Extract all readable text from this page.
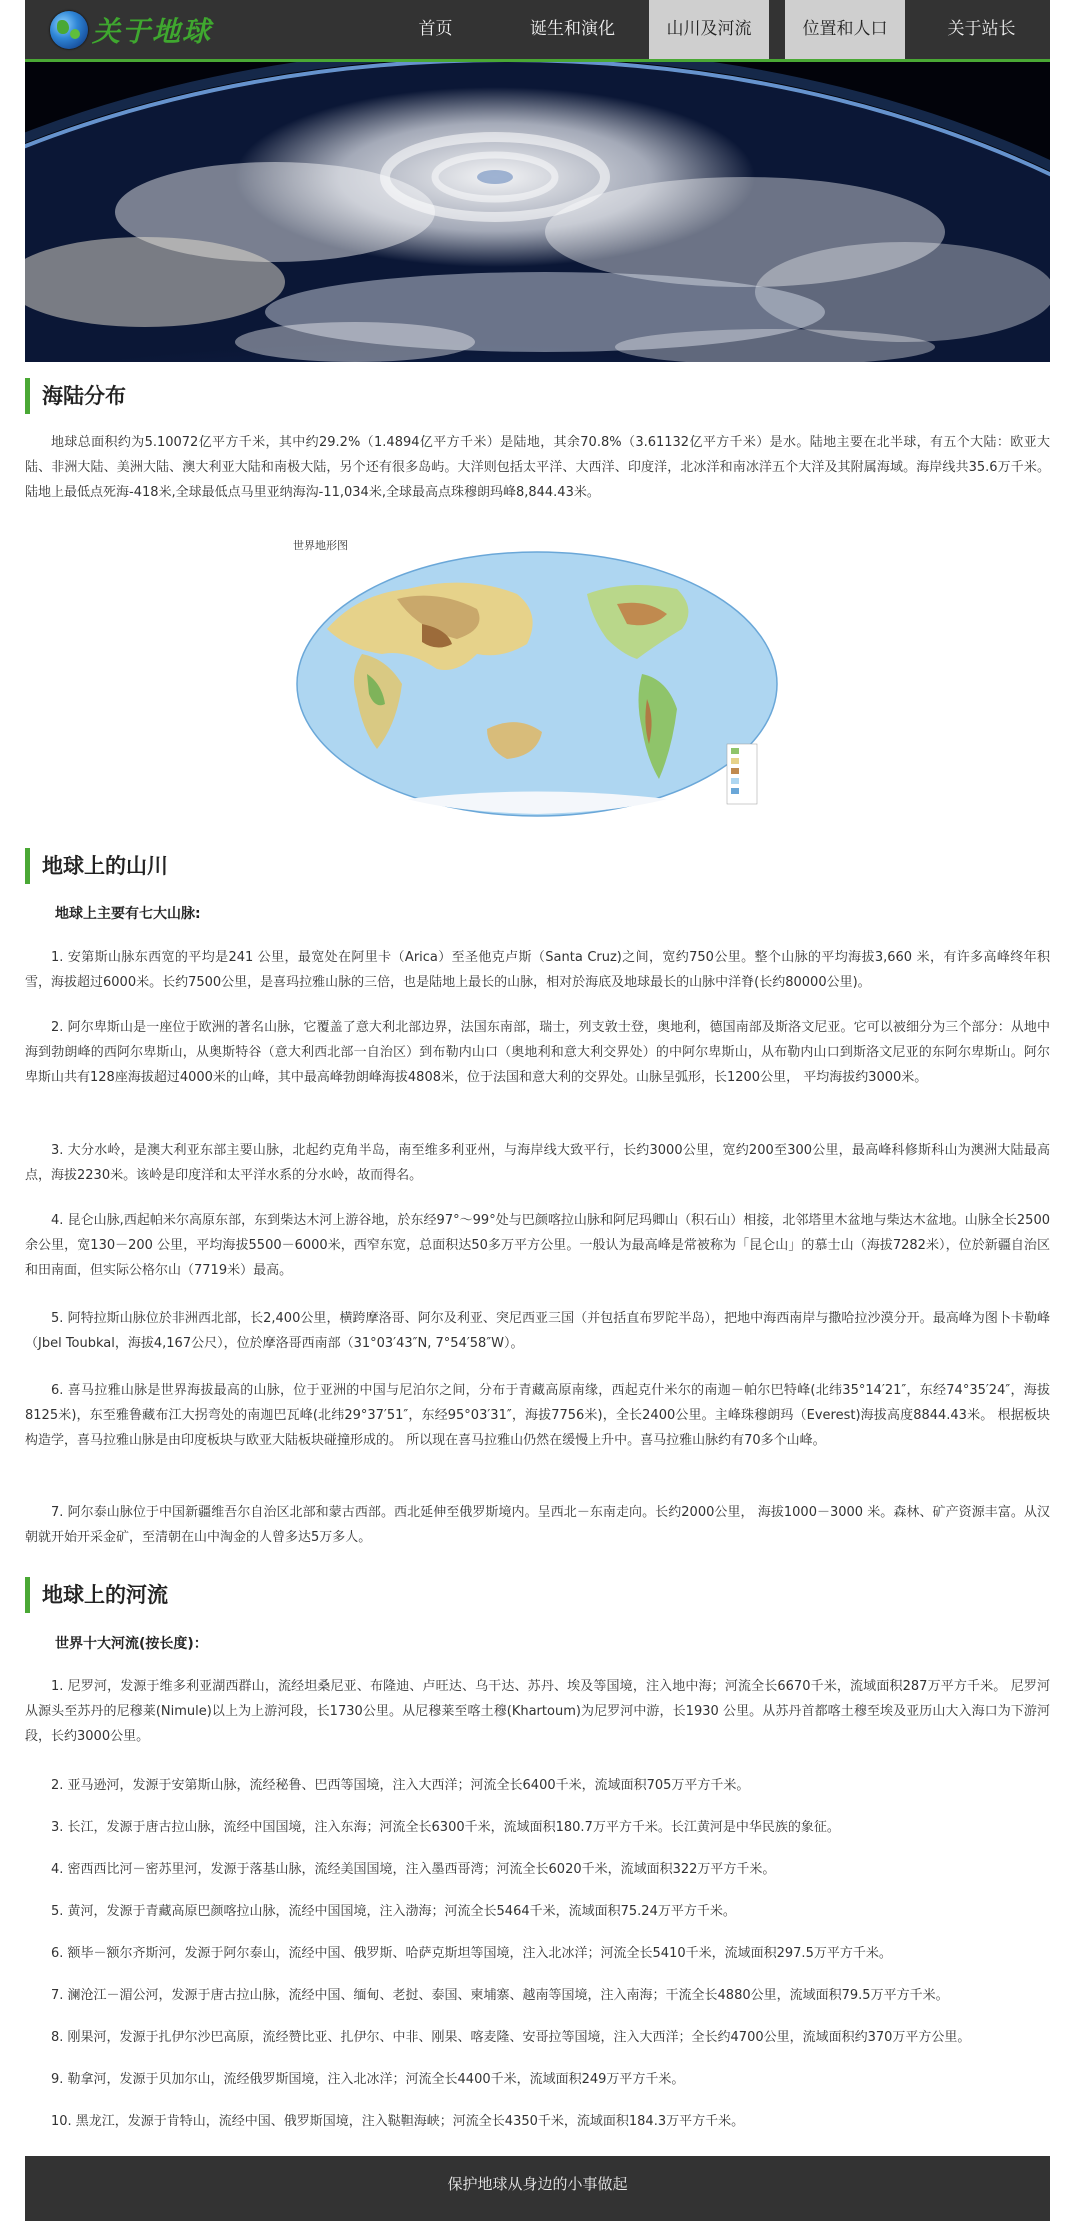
关于地球	首页	诞生和演化	山川及河流	位置和人口	关于站长
海陆分布

地球总面积约为5.10072亿平方千米，其中约29.2%（1.4894亿平方千米）是陆地，其余70.8%（3.61132亿平方千米）是水。陆地主要在北半球，有五个大陆：欧亚大陆、非洲大陆、美洲大陆、澳大利亚大陆和南极大陆，另个还有很多岛屿。大洋则包括太平洋、大西洋、印度洋，北冰洋和南冰洋五个大洋及其附属海域。海岸线共35.6万千米。陆地上最低点死海-418米,全球最低点马里亚纳海沟-11,034米,全球最高点珠穆朗玛峰8,844.43米。

世界地形图
地球上的山川
地球上主要有七大山脉:

1. 安第斯山脉东西宽的平均是241 公里，最宽处在阿里卡（Arica）至圣他克卢斯（Santa Cruz)之间，宽约750公里。整个山脉的平均海拔3,660 米，有许多高峰终年积雪，海拔超过6000米。长约7500公里，是喜玛拉雅山脉的三倍，也是陆地上最长的山脉，相对於海底及地球最长的山脉中洋脊(长约80000公里)。

2. 阿尔卑斯山是一座位于欧洲的著名山脉，它覆盖了意大利北部边界，法国东南部，瑞士，列支敦士登，奥地利，德国南部及斯洛文尼亚。它可以被细分为三个部分：从地中海到勃朗峰的西阿尔卑斯山，从奥斯特谷（意大利西北部一自治区）到布勒内山口（奥地利和意大利交界处）的中阿尔卑斯山，从布勒内山口到斯洛文尼亚的东阿尔卑斯山。阿尔卑斯山共有128座海拔超过4000米的山峰，其中最高峰勃朗峰海拔4808米，位于法国和意大利的交界处。山脉呈弧形，长1200公里， 平均海拔约3000米。

3. 大分水岭，是澳大利亚东部主要山脉，北起约克角半岛，南至维多利亚州，与海岸线大致平行，长约3000公里，宽约200至300公里，最高峰科修斯科山为澳洲大陆最高点，海拔2230米。该岭是印度洋和太平洋水系的分水岭，故而得名。

4. 昆仑山脉,西起帕米尔高原东部，东到柴达木河上游谷地，於东经97°～99°处与巴颜喀拉山脉和阿尼玛卿山（积石山）相接，北邻塔里木盆地与柴达木盆地。山脉全长2500余公里，宽130－200 公里，平均海拔5500－6000米，西窄东宽，总面积达50多万平方公里。一般认为最高峰是常被称为「昆仑山」的慕士山（海拔7282米），位於新疆自治区和田南面，但实际公格尔山（7719米）最高。

5. 阿特拉斯山脉位於非洲西北部，长2,400公里，横跨摩洛哥、阿尔及利亚、突尼西亚三国（并包括直布罗陀半岛），把地中海西南岸与撒哈拉沙漠分开。最高峰为图卜卡勒峰（Jbel Toubkal，海拔4,167公尺），位於摩洛哥西南部（31°03′43″N, 7°54′58″W）。

6. 喜马拉雅山脉是世界海拔最高的山脉，位于亚洲的中国与尼泊尔之间，分布于青藏高原南缘，西起克什米尔的南迦－帕尔巴特峰(北纬35°14′21″，东经74°35′24″，海拔8125米)，东至雅鲁藏布江大拐弯处的南迦巴瓦峰(北纬29°37′51″，东经95°03′31″，海拔7756米)，全长2400公里。主峰珠穆朗玛（Everest)海拔高度8844.43米。 根据板块构造学，喜马拉雅山脉是由印度板块与欧亚大陆板块碰撞形成的。 所以现在喜马拉雅山仍然在缓慢上升中。喜马拉雅山脉约有70多个山峰。

7. 阿尔泰山脉位于中国新疆维吾尔自治区北部和蒙古西部。西北延伸至俄罗斯境内。呈西北－东南走向。长约2000公里， 海拔1000－3000 米。森林、矿产资源丰富。从汉朝就开始开采金矿，至清朝在山中淘金的人曾多达5万多人。

地球上的河流
世界十大河流(按长度)：

1. 尼罗河，发源于维多利亚湖西群山，流经坦桑尼亚、布隆迪、卢旺达、乌干达、苏丹、埃及等国境，注入地中海；河流全长6670千米，流域面积287万平方千米。 尼罗河从源头至苏丹的尼穆莱(Nimule)以上为上游河段，长1730公里。从尼穆莱至喀土穆(Khartoum)为尼罗河中游，长1930 公里。从苏丹首都喀土穆至埃及亚历山大入海口为下游河段，长约3000公里。

2. 亚马逊河，发源于安第斯山脉，流经秘鲁、巴西等国境，注入大西洋；河流全长6400千米，流域面积705万平方千米。

3. 长江，发源于唐古拉山脉，流经中国国境，注入东海；河流全长6300千米，流域面积180.7万平方千米。长江黄河是中华民族的象征。

4. 密西西比河－密苏里河，发源于落基山脉，流经美国国境，注入墨西哥湾；河流全长6020千米，流域面积322万平方千米。

5. 黄河，发源于青藏高原巴颜喀拉山脉，流经中国国境，注入渤海；河流全长5464千米，流域面积75.24万平方千米。

6. 额毕－额尔齐斯河，发源于阿尔泰山，流经中国、俄罗斯、哈萨克斯坦等国境，注入北冰洋；河流全长5410千米，流域面积297.5万平方千米。

7. 澜沧江－湄公河，发源于唐古拉山脉，流经中国、缅甸、老挝、泰国、柬埔寨、越南等国境，注入南海；干流全长4880公里，流域面积79.5万平方千米。

8. 刚果河，发源于扎伊尔沙巴高原，流经赞比亚、扎伊尔、中非、刚果、喀麦隆、安哥拉等国境，注入大西洋；全长约4700公里，流域面积约370万平方公里。

9. 勒拿河，发源于贝加尔山，流经俄罗斯国境，注入北冰洋；河流全长4400千米，流域面积249万平方千米。

10. 黑龙江，发源于肯特山，流经中国、俄罗斯国境，注入鞑靼海峡；河流全长4350千米，流域面积184.3万平方千米。

保护地球从身边的小事做起
